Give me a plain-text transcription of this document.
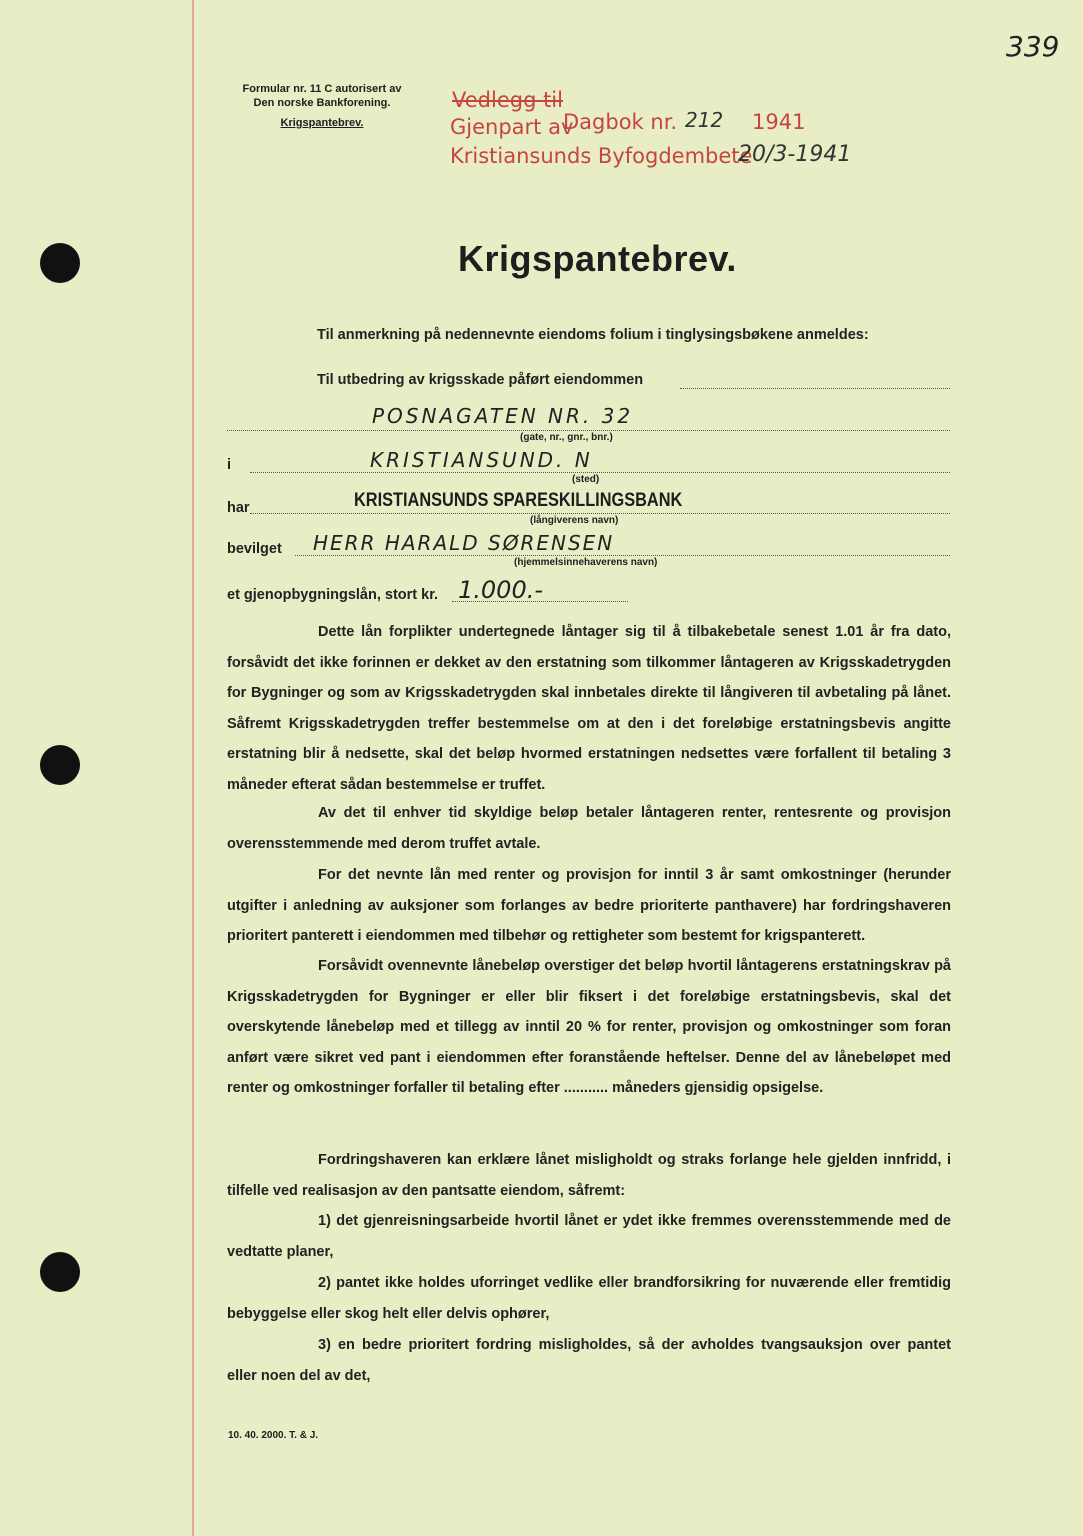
339
Formular nr. 11 C autorisert av
Den norske Bankforening.
Krigspantebrev.
Vedlegg til
Gjenpart av
Dagbok nr. 212 1941
Kristiansunds Byfogdembete
20/3-1941
Krigspantebrev.
Til anmerkning på nedennevnte eiendoms folium i tinglysingsbøkene anmeldes:
Til utbedring av krigsskade påført eiendommen
POSNAGATEN NR. 32
(gate, nr., gnr., bnr.)
i	KRISTIANSUND. N
(sted)
har	KRISTIANSUNDS SPARESKILLINGSBANK
(långiverens navn)
bevilget HERR HARALD SØRENSEN
(hjemmelsinnehaverens navn)
et gjenopbygningslån, stort kr. 1.000.-

Dette lån forplikter undertegnede låntager sig til å tilbakebetale senest 1.01 år fra dato, forsåvidt det ikke forinnen er dekket av den erstatning som tilkommer låntageren av Krigsskadetrygden for Bygninger og som av Krigsskadetrygden skal innbetales direkte til långiveren til avbetaling på lånet. Såfremt Krigsskadetrygden treffer bestemmelse om at den i det foreløbige erstatningsbevis angitte erstatning blir å nedsette, skal det beløp hvormed erstatningen nedsettes være forfallent til betaling 3 måneder efterat sådan bestemmelse er truffet.

Av det til enhver tid skyldige beløp betaler låntageren renter, rentesrente og provisjon overensstemmende med derom truffet avtale.

For det nevnte lån med renter og provisjon for inntil 3 år samt omkostninger (herunder utgifter i anledning av auksjoner som forlanges av bedre prioriterte panthavere) har fordringshaveren prioritert panterett i eiendommen med tilbehør og rettigheter som bestemt for krigspanterett.

Forsåvidt ovennevnte lånebeløp overstiger det beløp hvortil låntagerens erstatningskrav på Krigsskadetrygden for Bygninger er eller blir fiksert i det foreløbige erstatningsbevis, skal det overskytende lånebeløp med et tillegg av inntil 20 % for renter, provisjon og omkostninger som foran anført være sikret ved pant i eiendommen efter foranstående heftelser. Denne del av lånebeløpet med renter og omkostninger forfaller til betaling efter ........... måneders gjensidig opsigelse.

Fordringshaveren kan erklære lånet misligholdt og straks forlange hele gjelden innfridd, i tilfelle ved realisasjon av den pantsatte eiendom, såfremt:

1) det gjenreisningsarbeide hvortil lånet er ydet ikke fremmes overensstemmende med de vedtatte planer,

2) pantet ikke holdes uforringet vedlike eller brandforsikring for nuværende eller fremtidig bebyggelse eller skog helt eller delvis ophører,

3) en bedre prioritert fordring misligholdes, så der avholdes tvangsauksjon over pantet eller noen del av det,

10. 40. 2000. T. & J.
